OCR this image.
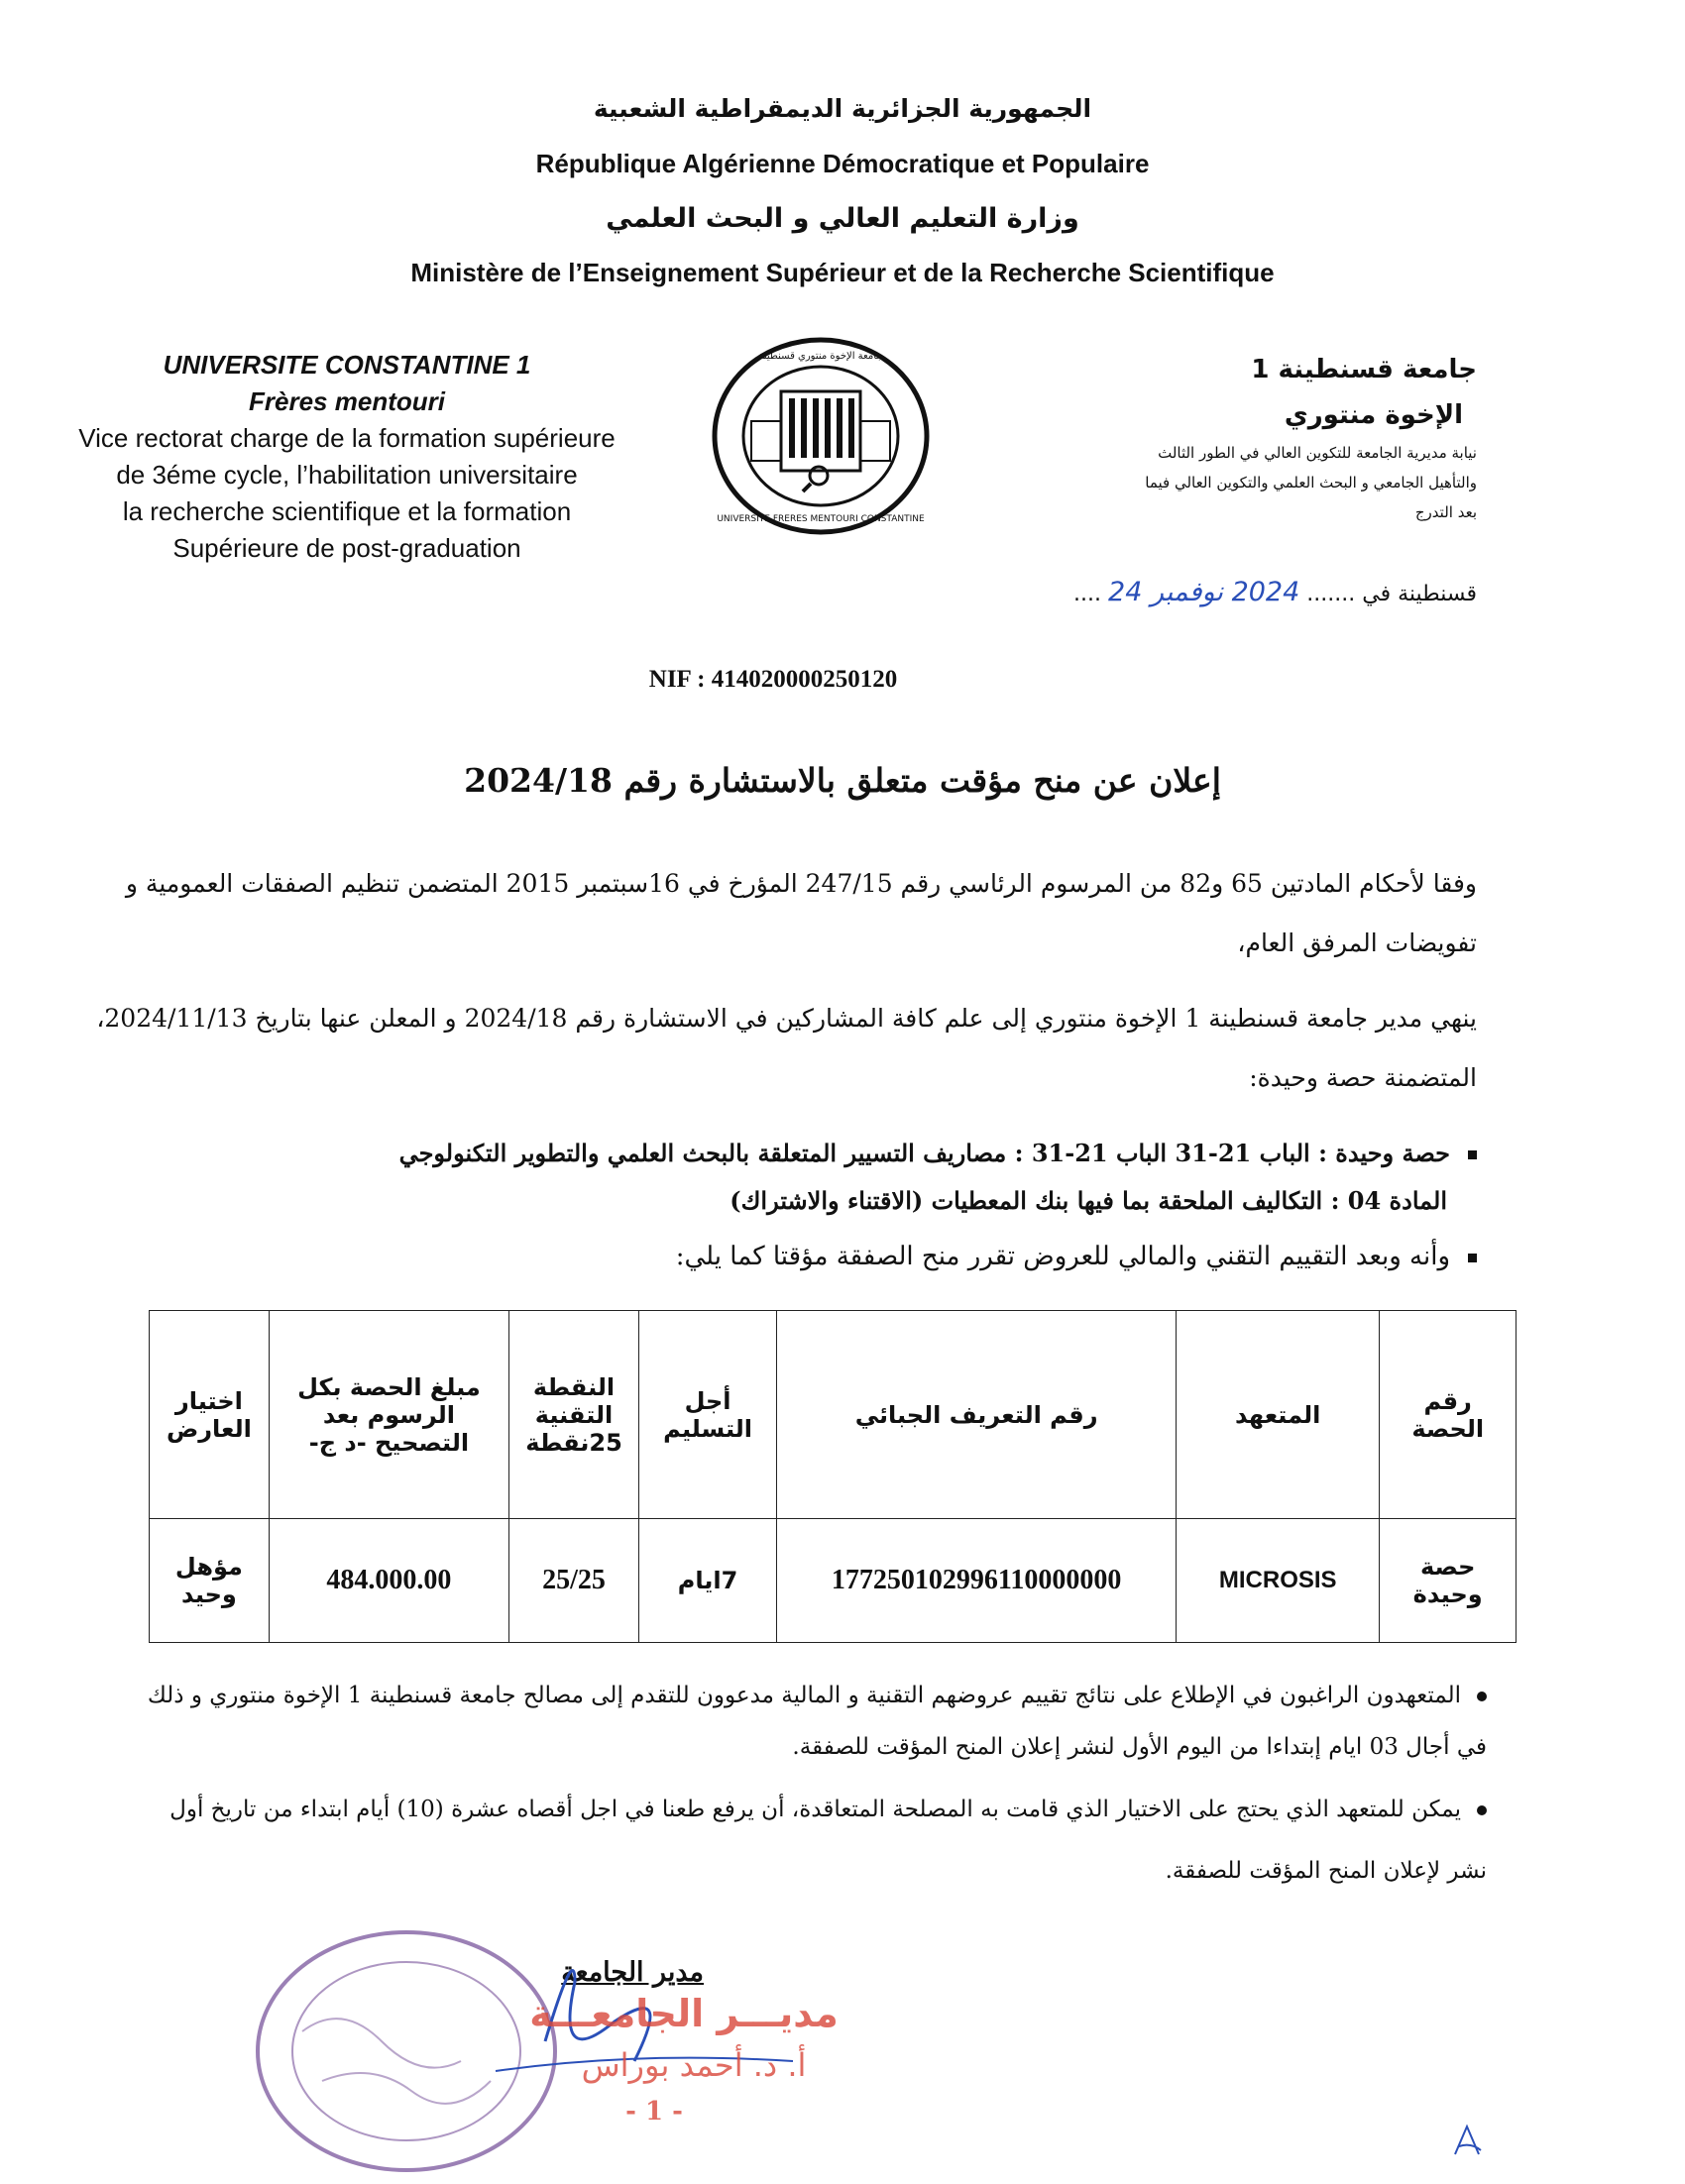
الجمهورية الجزائرية الديمقراطية الشعبية
République Algérienne Démocratique et Populaire
وزارة التعليم العالي و البحث العلمي
Ministère de l’Enseignement Supérieur et de la Recherche Scientifique
UNIVERSITE CONSTANTINE 1
Frères mentouri
Vice rectorat charge de la formation supérieure
de 3éme cycle, l’habilitation universitaire
la recherche scientifique et la formation
Supérieure de post-graduation
UNIVERSITE FRERES MENTOURI CONSTANTINE
جامعة الإخوة منتوري قسنطينة	جامعة قسنطينة 1
الإخوة منتوري
نيابة مديرية الجامعة للتكوين العالي في الطور الثالث
والتأهيل الجامعي و البحث العلمي والتكوين العالي فيما
بعد التدرج
قسنطينة في ....... 2024 نوفمبر 24 ....
NIF : 414020000250120
إعلان عن منح مؤقت متعلق بالاستشارة رقم 2024/18
وفقا لأحكام المادتين 65 و82 من المرسوم الرئاسي رقم 247/15 المؤرخ في 16سبتمبر 2015 المتضمن تنظيم الصفقات العمومية و تفويضات المرفق العام،
ينهي مدير جامعة قسنطينة 1 الإخوة منتوري إلى علم كافة المشاركين في الاستشارة رقم 2024/18 و المعلن عنها بتاريخ 2024/11/13، المتضمنة حصة وحيدة:
حصة وحيدة : الباب 21-31 الباب 21-31 : مصاريف التسيير المتعلقة بالبحث العلمي والتطوير التكنولوجي
المادة 04 : التكاليف الملحقة بما فيها بنك المعطيات (الاقتناء والاشتراك)
وأنه وبعد التقييم التقني والمالي للعروض تقرر منح الصفقة مؤقتا كما يلي:
رقم الحصة	المتعهد	رقم التعريف الجبائي	أجل التسليم	النقطة التقنية 25نقطة	مبلغ الحصة بكل الرسوم بعد التصحيح -د ج-	اختيار العارض
حصة وحيدة	MICROSIS	177250102996110000000	7ايام	25/25	484.000.00	مؤهل وحيد
المتعهدون الراغبون في الإطلاع على نتائج تقييم عروضهم التقنية و المالية مدعوون للتقدم إلى مصالح جامعة قسنطينة 1 الإخوة منتوري و ذلك في أجال 03 ايام إبتداءا من اليوم الأول لنشر إعلان المنح المؤقت للصفقة.
يمكن للمتعهد الذي يحتج على الاختيار الذي قامت به المصلحة المتعاقدة، أن يرفع طعنا في اجل أقصاه عشرة (10) أيام ابتداء من تاريخ أول نشر لإعلان المنح المؤقت للصفقة.
مدير الجامعة
مديـــر الجامعـــة
أ. د. أحمد بوراس
- 1 -
